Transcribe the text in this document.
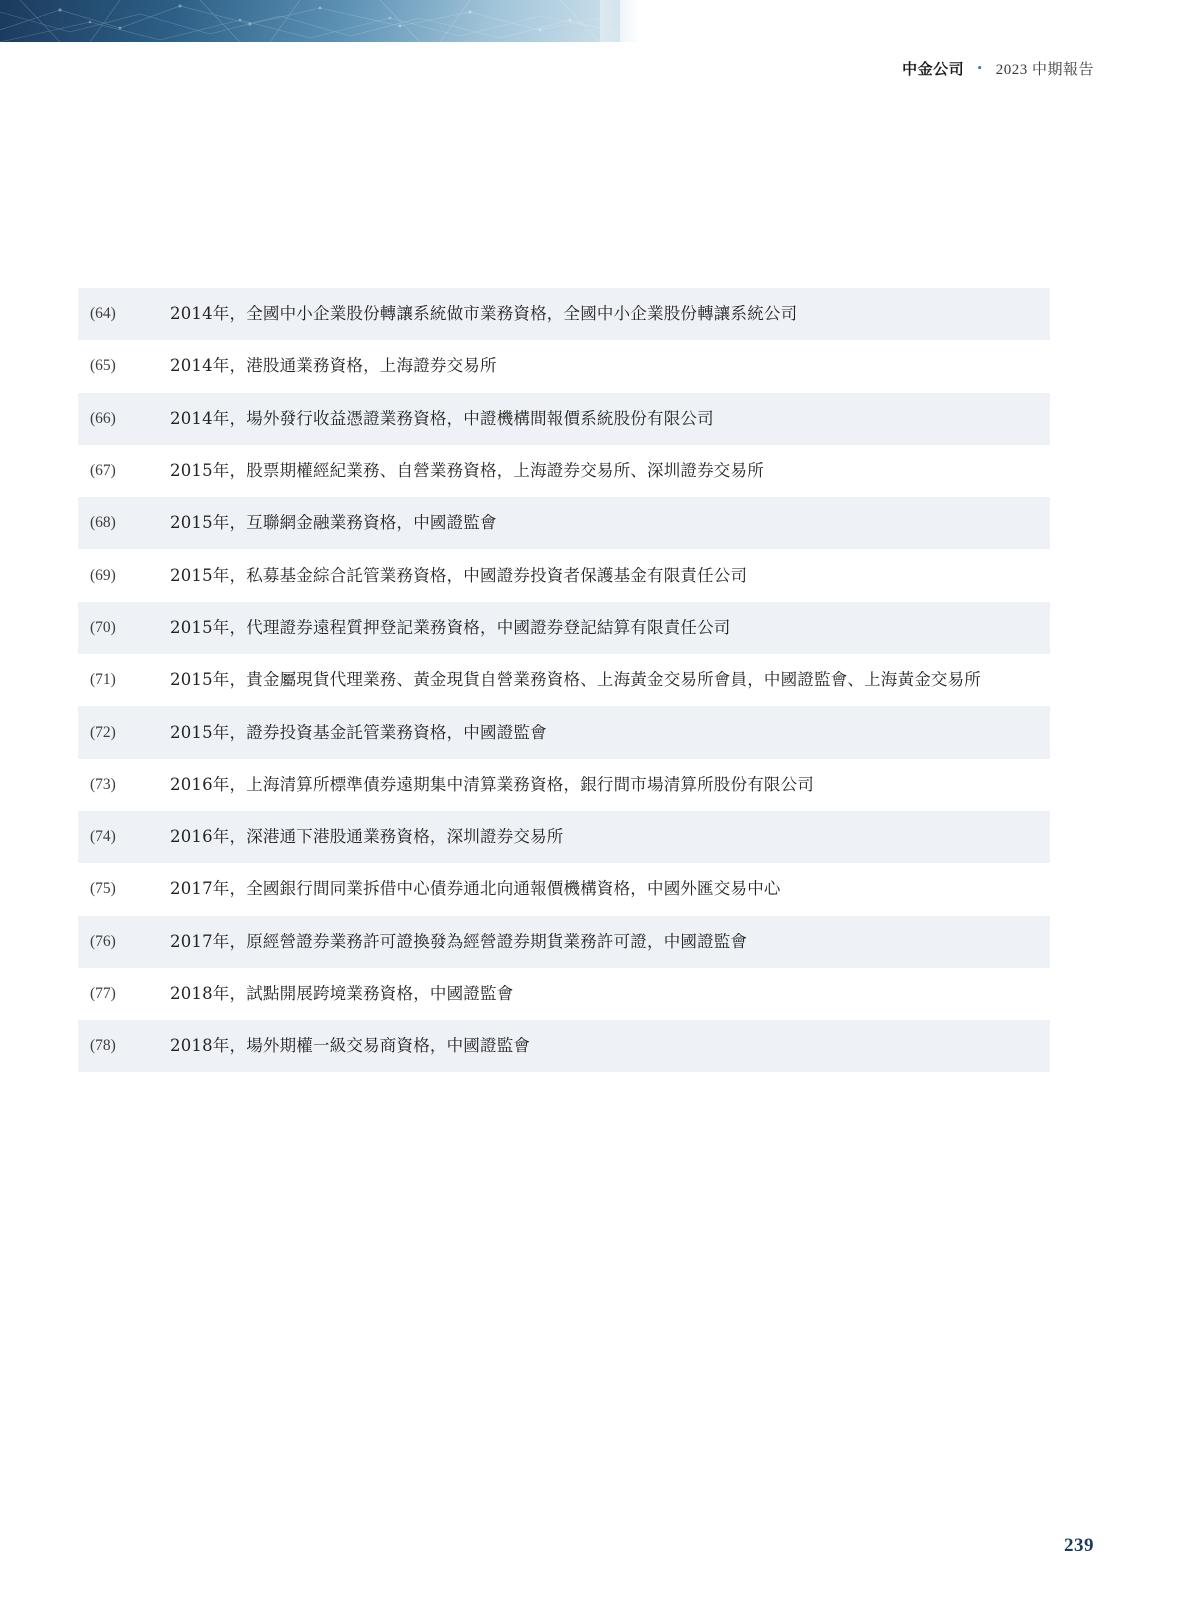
中金公司 • 2023 中期報告
(64)	2014年，全國中小企業股份轉讓系統做市業務資格，全國中小企業股份轉讓系統公司
(65)	2014年，港股通業務資格，上海證券交易所
(66)	2014年，場外發行收益憑證業務資格，中證機構間報價系統股份有限公司
(67)	2015年，股票期權經紀業務、自營業務資格，上海證券交易所、深圳證券交易所
(68)	2015年，互聯網金融業務資格，中國證監會
(69)	2015年，私募基金綜合託管業務資格，中國證券投資者保護基金有限責任公司
(70)	2015年，代理證券遠程質押登記業務資格，中國證券登記結算有限責任公司
(71)	2015年，貴金屬現貨代理業務、黃金現貨自營業務資格、上海黃金交易所會員，中國證監會、上海黃金交易所
(72)	2015年，證券投資基金託管業務資格，中國證監會
(73)	2016年，上海清算所標準債券遠期集中清算業務資格，銀行間市場清算所股份有限公司
(74)	2016年，深港通下港股通業務資格，深圳證券交易所
(75)	2017年，全國銀行間同業拆借中心債券通北向通報價機構資格，中國外匯交易中心
(76)	2017年，原經營證券業務許可證換發為經營證券期貨業務許可證，中國證監會
(77)	2018年，試點開展跨境業務資格，中國證監會
(78)	2018年，場外期權一級交易商資格，中國證監會
239
